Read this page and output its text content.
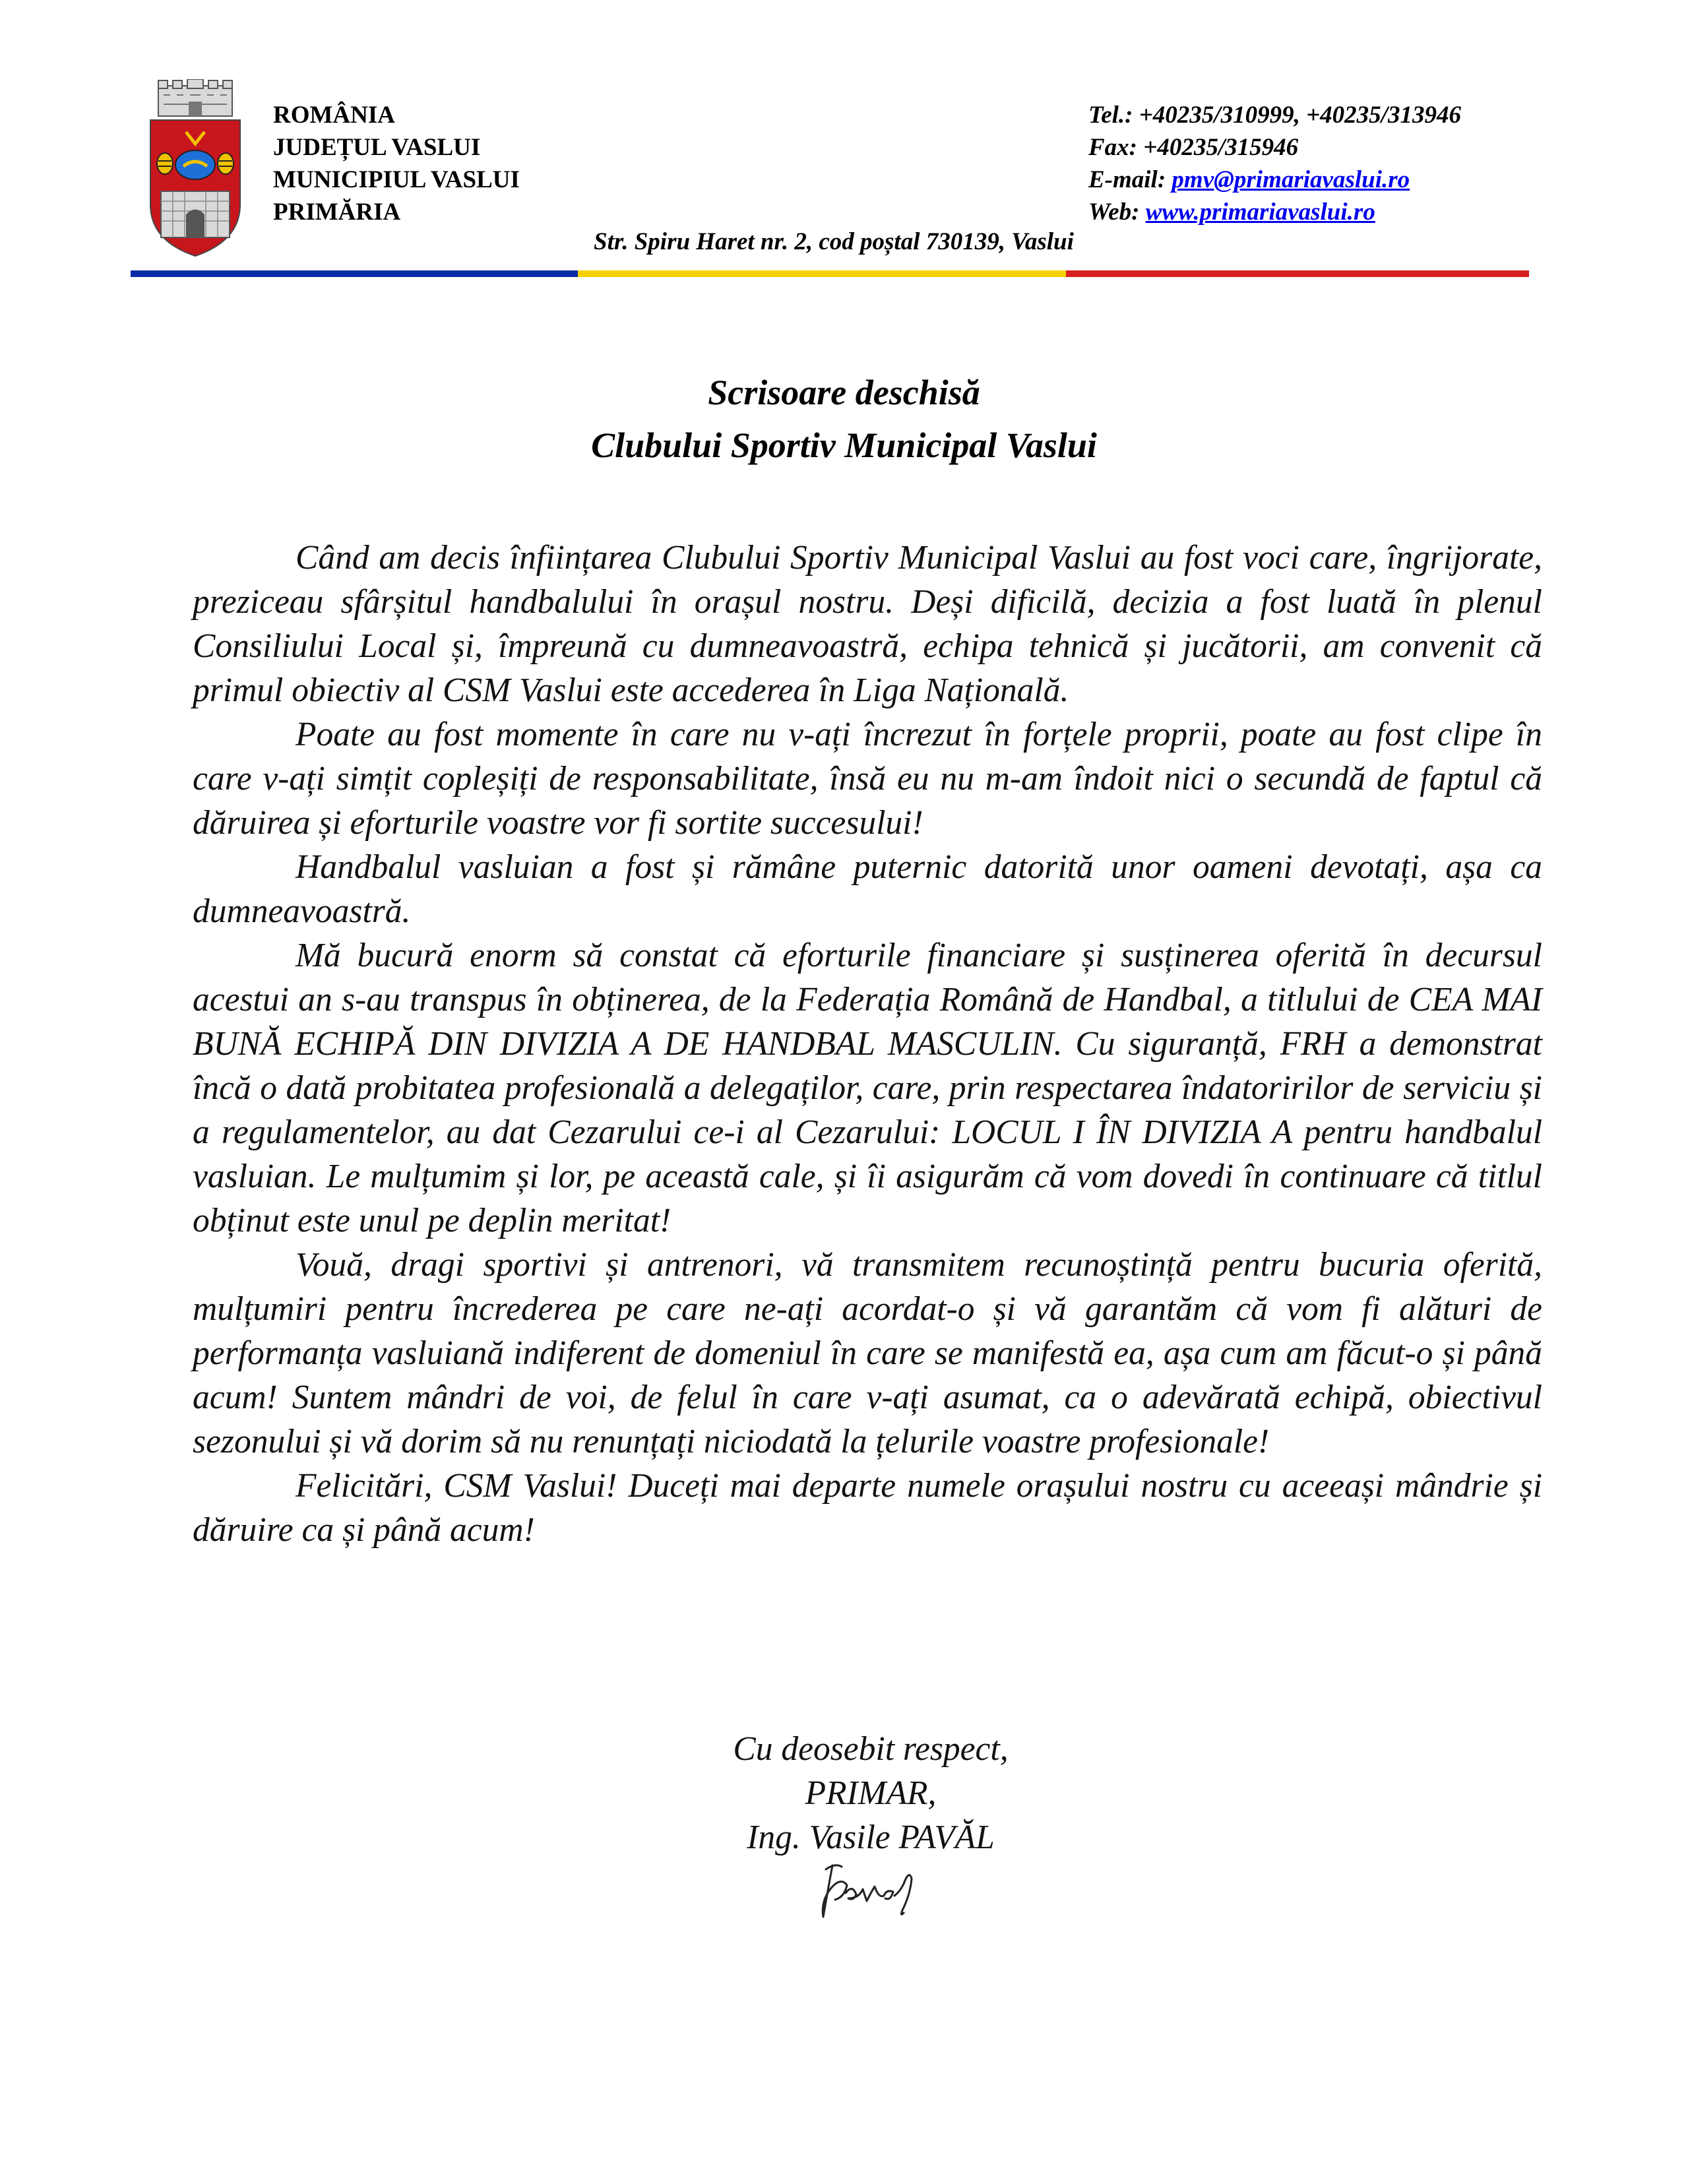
ROMÂNIA
JUDEȚUL VASLUI
MUNICIPIUL VASLUI
PRIMĂRIA
Tel.: +40235/310999, +40235/313946
Fax: +40235/315946
E-mail: pmv@primariavaslui.ro
Web: www.primariavaslui.ro
Str. Spiru Haret nr. 2, cod poștal 730139, Vaslui
Scrisoare deschisă
Clubului Sportiv Municipal Vaslui

Când am decis înființarea Clubului Sportiv Municipal Vaslui au fost voci care, îngrijorate, preziceau sfârșitul handbalului în orașul nostru. Deși dificilă, decizia a fost luată în plenul Consiliului Local și, împreună cu dumneavoastră, echipa tehnică și jucătorii, am convenit că primul obiectiv al CSM Vaslui este accederea în Liga Națională.

Poate au fost momente în care nu v-ați încrezut în forțele proprii, poate au fost clipe în care v-ați simțit copleșiți de responsabilitate, însă eu nu m-am îndoit nici o secundă de faptul că dăruirea și eforturile voastre vor fi sortite succesului!

Handbalul vasluian a fost și rămâne puternic datorită unor oameni devotați, așa ca dumneavoastră.

Mă bucură enorm să constat că eforturile financiare și susținerea oferită în decursul acestui an s-au transpus în obținerea, de la Federația Română de Handbal, a titlului de CEA MAI BUNĂ ECHIPĂ DIN DIVIZIA A DE HANDBAL MASCULIN. Cu siguranță, FRH a demonstrat încă o dată probitatea profesională a delegaților, care, prin respectarea îndatoririlor de serviciu și a regulamentelor, au dat Cezarului ce-i al Cezarului: LOCUL I ÎN DIVIZIA A pentru handbalul vasluian. Le mulțumim și lor, pe această cale, și îi asigurăm că vom dovedi în continuare că titlul obținut este unul pe deplin meritat!

Vouă, dragi sportivi și antrenori, vă transmitem recunoștință pentru bucuria oferită, mulțumiri pentru încrederea pe care ne-ați acordat-o și vă garantăm că vom fi alături de performanța vasluiană indiferent de domeniul în care se manifestă ea, așa cum am făcut-o și până acum! Suntem mândri de voi, de felul în care v-ați asumat, ca o adevărată echipă, obiectivul sezonului și vă dorim să nu renunțați niciodată la țelurile voastre profesionale!

Felicitări, CSM Vaslui! Duceți mai departe numele orașului nostru cu aceeași mândrie și dăruire ca și până acum!

Cu deosebit respect,
PRIMAR,
Ing. Vasile PAVĂL
